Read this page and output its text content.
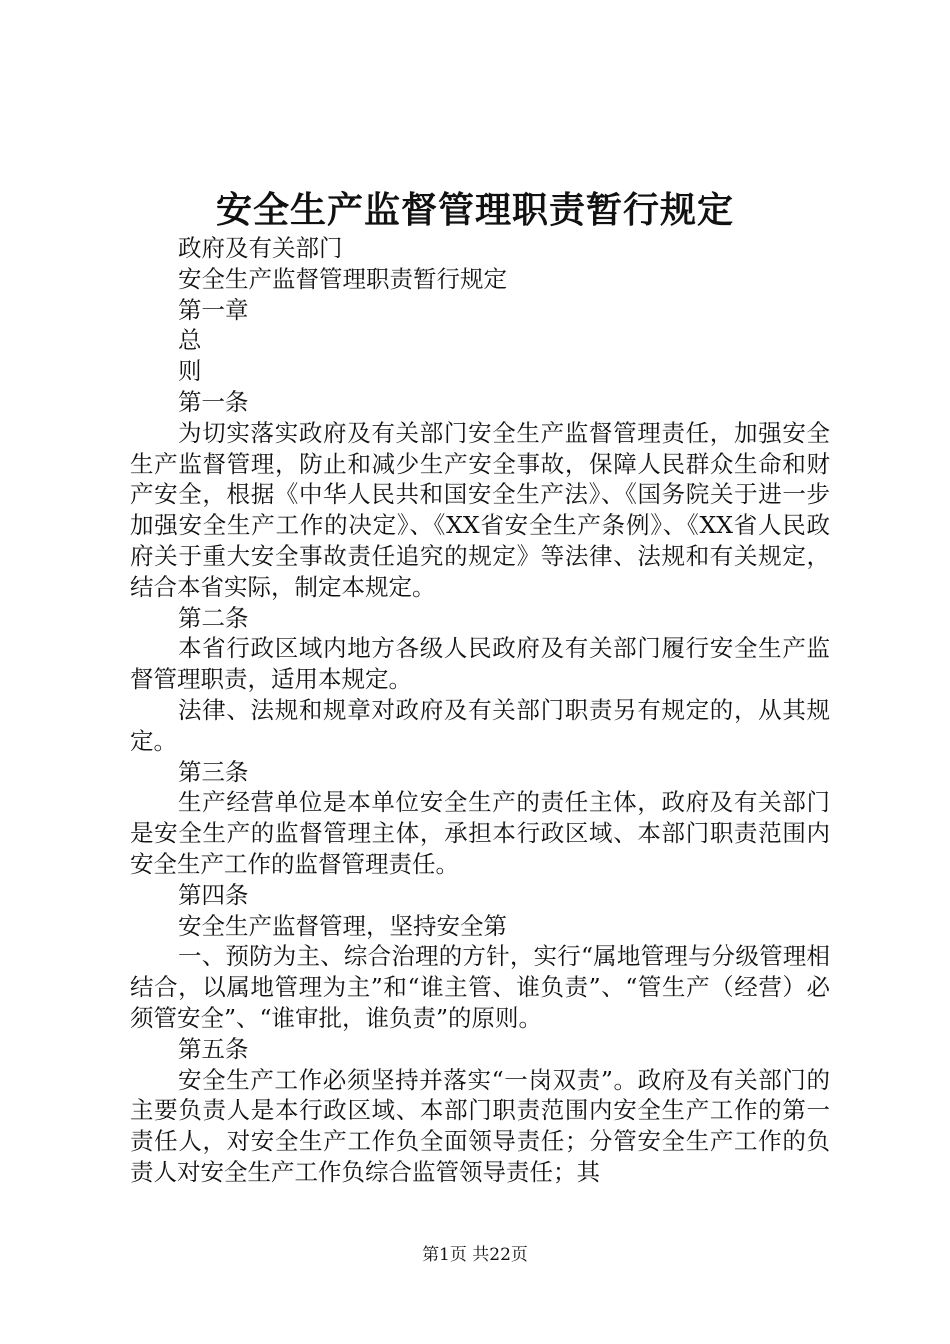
安全生产监督管理职责暂行规定

政府及有关部门

安全生产监督管理职责暂行规定

第一章

总

则

第一条

为切实落实政府及有关部门安全生产监督管理责任，加强安全生产监督管理，防止和减少生产安全事故，保障人民群众生命和财产安全，根据《中华人民共和国安全生产法》、《国务院关于进一步加强安全生产工作的决定》、《XX省安全生产条例》、《XX省人民政府关于重大安全事故责任追究的规定》等法律、法规和有关规定，结合本省实际，制定本规定。

第二条

本省行政区域内地方各级人民政府及有关部门履行安全生产监督管理职责，适用本规定。

法律、法规和规章对政府及有关部门职责另有规定的，从其规定。

第三条

生产经营单位是本单位安全生产的责任主体，政府及有关部门是安全生产的监督管理主体，承担本行政区域、本部门职责范围内安全生产工作的监督管理责任。

第四条

安全生产监督管理，坚持安全第

一、预防为主、综合治理的方针，实行“属地管理与分级管理相结合，以属地管理为主”和“谁主管、谁负责”、“管生产（经营）必须管安全”、“谁审批，谁负责”的原则。

第五条

安全生产工作必须坚持并落实“一岗双责”。政府及有关部门的主要负责人是本行政区域、本部门职责范围内安全生产工作的第一责任人，对安全生产工作负全面领导责任；分管安全生产工作的负责人对安全生产工作负综合监管领导责任；其

第1页 共22页
